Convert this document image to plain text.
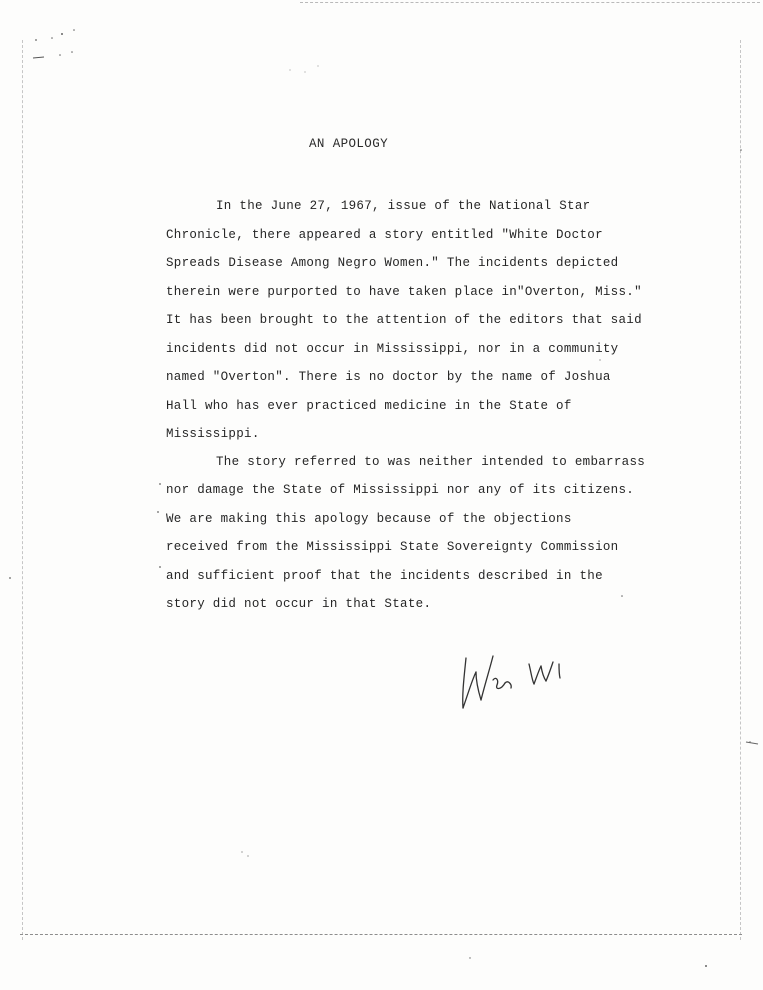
AN APOLOGY

In the June 27, 1967, issue of the National Star
Chronicle, there appeared a story entitled "White Doctor
Spreads Disease Among Negro Women." The incidents depicted
therein were purported to have taken place in"Overton, Miss."
It has been brought to the attention of the editors that said
incidents did not occur in Mississippi, nor in a community
named "Overton". There is no doctor by the name of Joshua
Hall who has ever practiced medicine in the State of
Mississippi.

The story referred to was neither intended to embarrass
nor damage the State of Mississippi nor any of its citizens.
We are making this apology because of the objections
received from the Mississippi State Sovereignty Commission
and sufficient proof that the incidents described in the
story did not occur in that State.
